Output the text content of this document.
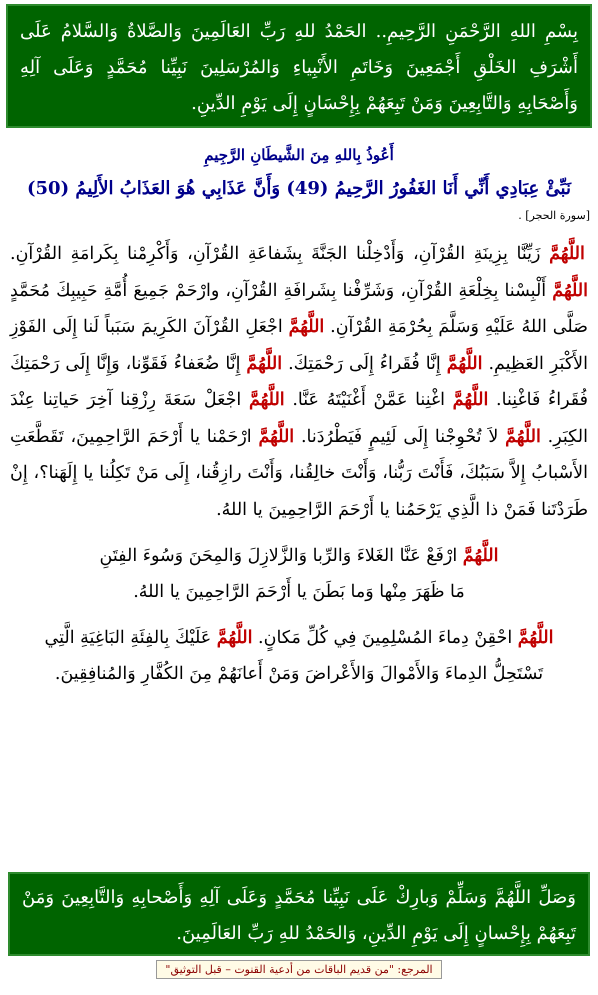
بِسْمِ اللهِ الرَّحْمَنِ الرَّحِيمِ.. الحَمْدُ للهِ رَبِّ العَالَمِينَ وَالصَّلاةُ وَالسَّلامُ عَلَى أَشْرَفِ الخَلْقِ أَجْمَعِينَ وَخَاتَمِ الأَنْبِياءِ وَالمُرْسَلِينَ نَبِيِّنا مُحَمَّدٍ وَعَلَى آلِهِ وَأَصْحَابِهِ وَالتَّابِعِينَ وَمَنْ تَبِعَهُمْ بِإِحْسَانٍ إِلَى يَوْمِ الدِّينِ.
أَعُوذُ بِاللهِ مِنَ الشَّيطَانِ الرَّجِيمِ
نَبِّئْ عِبَادِي أَنِّي أَنَا الغَفُورُ الرَّحِيمُ (49) وَأَنَّ عَذَابِي هُوَ العَذَابُ الأَلِيمُ (50)
[سورة الحجر] .
اللَّهُمَّ زَيِّنَّا بِزِينَةِ القُرْآنِ، وَأَدْخِلْنا الجَنَّةَ بِشَفاعَةِ القُرْآنِ، وَأَكْرِمْنا بِكَرامَةِ القُرْآنِ. اللَّهُمَّ أَلْبِسْنا بِخِلْعَةِ القُرْآنِ، وَشَرِّفْنا بِشَرافَةِ القُرْآنِ، وارْحَمْ جَمِيعَ أُمَّةِ حَبِيبِكَ مُحَمَّدٍ صَلَّى اللهُ عَلَيْهِ وَسَلَّمَ بِحُرْمَةِ القُرْآنِ. اللَّهُمَّ اجْعَلِ القُرْآنَ الكَرِيمَ سَبَباً لَنا إِلَى الفَوْزِ الأَكْبَرِ العَظِيمِ. اللَّهُمَّ إِنَّا فُقَراءُ إِلَى رَحْمَتِكَ. اللَّهُمَّ إِنَّا ضُعَفاءُ فَقَوِّنا، وَإِنَّا إِلَى رَحْمَتِكَ فُقَراءُ فَاغْنِنا. اللَّهُمَّ اغْنِنا عَمَّنْ أَغْنَيْتَهُ عَنَّا. اللَّهُمَّ اجْعَلْ سَعَةَ رِزْقِنا آخِرَ حَياتِنا عِنْدَ الكِبَرِ. اللَّهُمَّ لاَ تُحْوِجْنا إِلَى لَئِيمٍ فَيَطْرُدَنا. اللَّهُمَّ ارْحَمْنا يا أَرْحَمَ الرَّاحِمِينَ، تَقَطَّعَتِ الأَسْبابُ إِلاَّ سَبَبُكَ، فَأَنْتَ رَبُّنا، وَأَنْتَ خالِقُنا، وَأَنْتَ رازِقُنا، إِلَى مَنْ تَكِلُنا يا إِلَهَنا؟، إِنْ طَرَدْتَنا فَمَنْ ذا الَّذِي يَرْحَمُنا يا أَرْحَمَ الرَّاحِمِينَ يا اللهُ.
اللَّهُمَّ ارْفَعْ عَنَّا الغَلاءَ وَالرِّبا وَالزَّلازِلَ وَالمِحَنَ وَسُوءَ الفِتَنِ
مَا ظَهَرَ مِنْها وَما بَطَنَ يا أَرْحَمَ الرَّاحِمِينَ يا اللهُ.
اللَّهُمَّ احْقِنْ دِماءَ المُسْلِمِينَ فِي كُلِّ مَكانٍ. اللَّهُمَّ عَلَيْكَ بِالفِئَةِ البَاغِيَةِ الَّتِي
تَسْتَحِلُّ الدِماءَ وَالأَمْوالَ وَالأَعْراضَ وَمَنْ أَعانَهُمْ مِنَ الكُفَّارِ وَالمُنافِقِينَ.
وَصَلِّ اللَّهُمَّ وَسَلِّمْ وَبارِكْ عَلَى نَبِيِّنا مُحَمَّدٍ وَعَلَى آلِهِ وَأَصْحابِهِ وَالتَّابِعِينَ وَمَنْ تَبِعَهُمْ بِإِحْسانٍ إِلَى يَوْمِ الدِّينِ، وَالحَمْدُ للهِ رَبِّ العَالَمِينَ.
المرجع: "من قديم الباقات من أدعية القنوت – قبل التوثيق"
